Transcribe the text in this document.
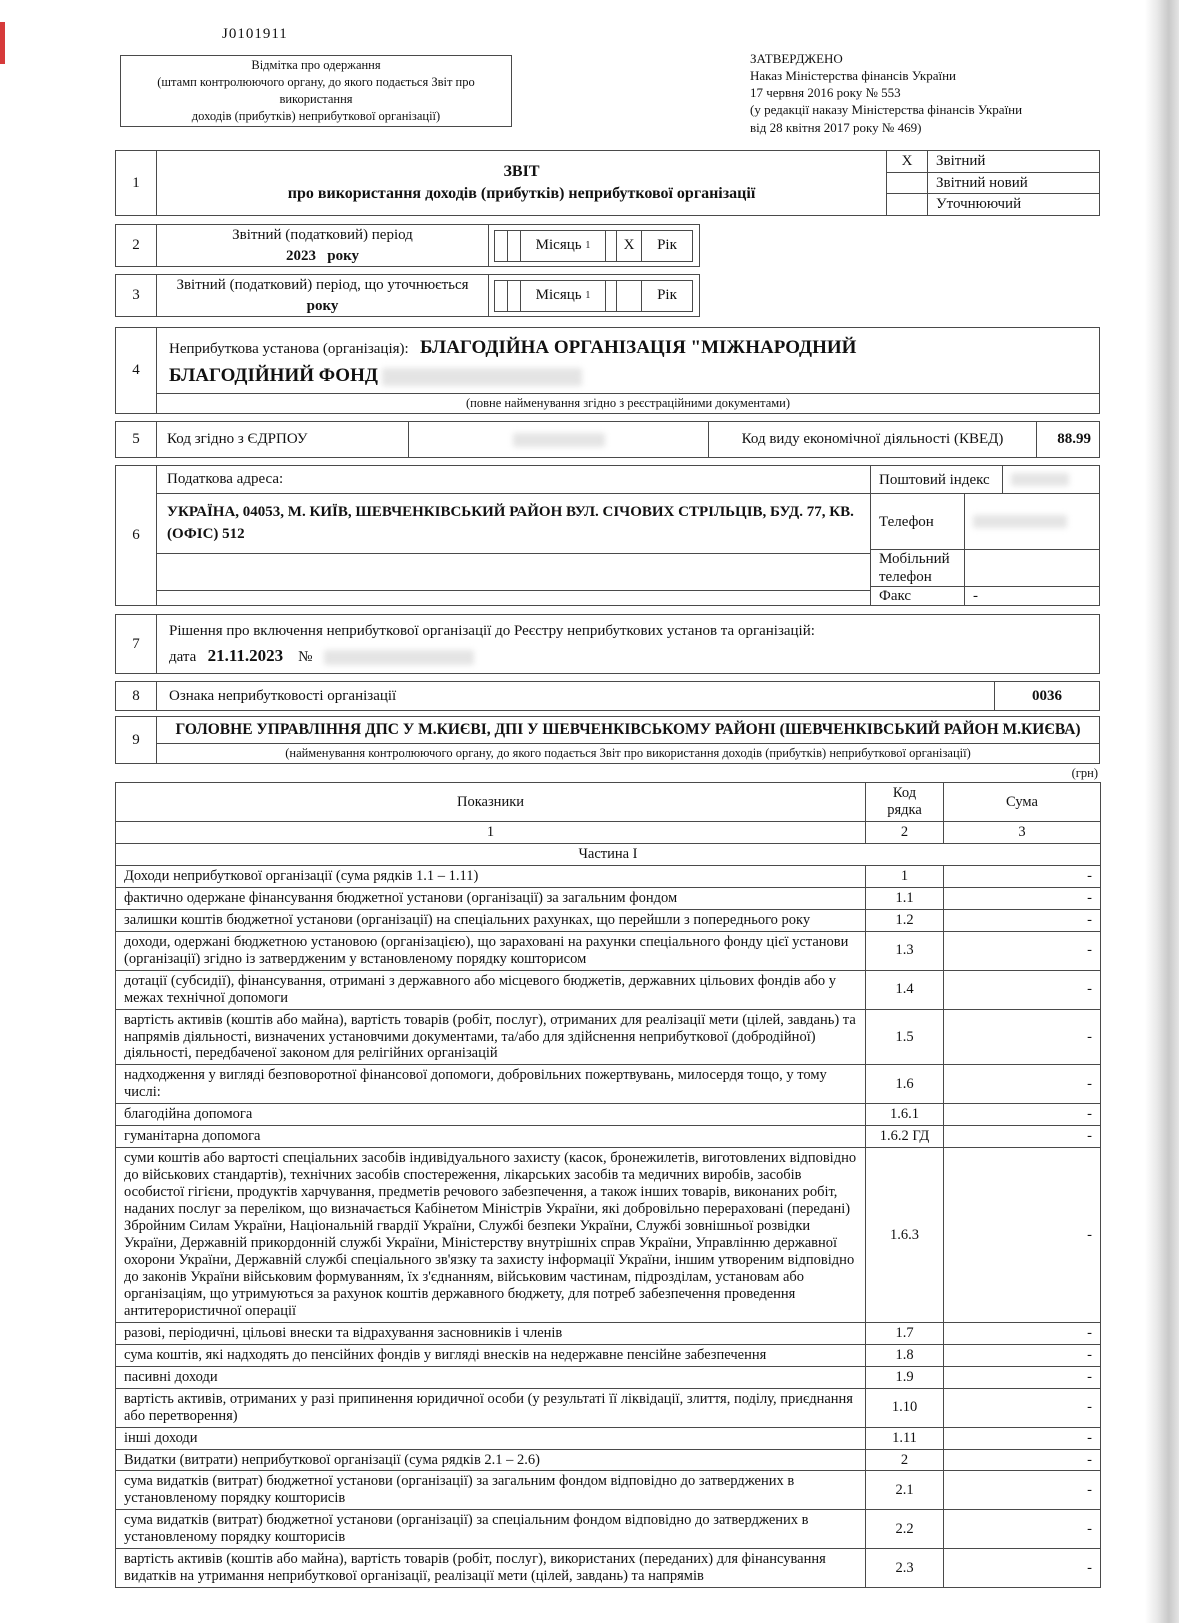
J0101911
Відмітка про одержання
(штамп контролюючого органу, до якого подається Звіт про використання
доходів (прибутків) неприбуткової організації)
ЗАТВЕРДЖЕНО
Наказ Міністерства фінансів України
17 червня 2016 року № 553
(у редакції наказу Міністерства фінансів України
від 28 квітня 2017 року № 469)
1
ЗВІТ
про використання доходів (прибутків) неприбуткової організації
X	Звітний
Звітний новий
Уточнюючий
2
Звітний (податковий) період
2023 року
Місяць
1	X	Рік
3
Звітний (податковий) період, що уточнюється
року
Місяць
1	Рік
4
Неприбуткова установа (організація): БЛАГОДІЙНА ОРГАНІЗАЦІЯ "МІЖНАРОДНИЙ
БЛАГОДІЙНИЙ ФОНД
(повне найменування згідно з реєстраційними документами)
5	Код згідно з ЄДРПОУ	Код виду економічної діяльності (КВЕД)	88.99
6
Податкова адреса:
УКРАЇНА, 04053, М. КИЇВ, ШЕВЧЕНКІВСЬКИЙ РАЙОН ВУЛ. СІЧОВИХ СТРІЛЬЦІВ, БУД. 77, КВ. (ОФІС) 512
Поштовий індекс
Телефон
Мобільний телефон
Факс	-
7
Рішення про включення неприбуткової організації до Реєстру неприбуткових установ та організацій:
дата 21.11.2023 №
8	Ознака неприбутковості організації	0036
9
ГОЛОВНЕ УПРАВЛІННЯ ДПС У М.КИЄВІ, ДПІ У ШЕВЧЕНКІВСЬКОМУ РАЙОНІ (ШЕВЧЕНКІВСЬКИЙ РАЙОН М.КИЄВА)
(найменування контролюючого органу, до якого подається Звіт про використання доходів (прибутків) неприбуткової організації)
(грн)
Показники	Код рядка	Сума
1	2	3
Частина I		
Доходи неприбуткової організації (сума рядків 1.1 – 1.11)	1	-
фактично одержане фінансування бюджетної установи (організації) за загальним фондом	1.1	-
залишки коштів бюджетної установи (організації) на спеціальних рахунках, що перейшли з попереднього року	1.2	-
доходи, одержані бюджетною установою (організацією), що зараховані на рахунки спеціального фонду цієї установи (організації) згідно із затвердженим у встановленому порядку кошторисом	1.3	-
дотації (субсидії), фінансування, отримані з державного або місцевого бюджетів, державних цільових фондів або у межах технічної допомоги	1.4	-
вартість активів (коштів або майна), вартість товарів (робіт, послуг), отриманих для реалізації мети (цілей, завдань) та напрямів діяльності, визначених установчими документами, та/або для здійснення неприбуткової (добродійної) діяльності, передбаченої законом для релігійних організацій	1.5	-
надходження у вигляді безповоротної фінансової допомоги, добровільних пожертвувань, милосердя тощо, у тому числі:	1.6	-
благодійна допомога	1.6.1	-
гуманітарна допомога	1.6.2 ГД	-
суми коштів або вартості спеціальних засобів індивідуального захисту (касок, бронежилетів, виготовлених відповідно до військових стандартів), технічних засобів спостереження, лікарських засобів та медичних виробів, засобів особистої гігієни, продуктів харчування, предметів речового забезпечення, а також інших товарів, виконаних робіт, наданих послуг за переліком, що визначається Кабінетом Міністрів України, які добровільно перераховані (передані) Збройним Силам України, Національній гвардії України, Службі безпеки України, Службі зовнішньої розвідки України, Державній прикордонній службі України, Міністерству внутрішніх справ України, Управлінню державної охорони України, Державній службі спеціального зв'язку та захисту інформації України, іншим утвореним відповідно до законів України військовим формуванням, їх з'єднанням, військовим частинам, підрозділам, установам або організаціям, що утримуються за рахунок коштів державного бюджету, для потреб забезпечення проведення антитерористичної операції	1.6.3	-
разові, періодичні, цільові внески та відрахування засновників і членів	1.7	-
сума коштів, які надходять до пенсійних фондів у вигляді внесків на недержавне пенсійне забезпечення	1.8	-
пасивні доходи	1.9	-
вартість активів, отриманих у разі припинення юридичної особи (у результаті її ліквідації, злиття, поділу, приєднання або перетворення)	1.10	-
інші доходи	1.11	-
Видатки (витрати) неприбуткової організації (сума рядків 2.1 – 2.6)	2	-
сума видатків (витрат) бюджетної установи (організації) за загальним фондом відповідно до затверджених в установленому порядку кошторисів	2.1	-
сума видатків (витрат) бюджетної установи (організації) за спеціальним фондом відповідно до затверджених в установленому порядку кошторисів	2.2	-
вартість активів (коштів або майна), вартість товарів (робіт, послуг), використаних (переданих) для фінансування видатків на утримання неприбуткової організації, реалізації мети (цілей, завдань) та напрямів	2.3	-
